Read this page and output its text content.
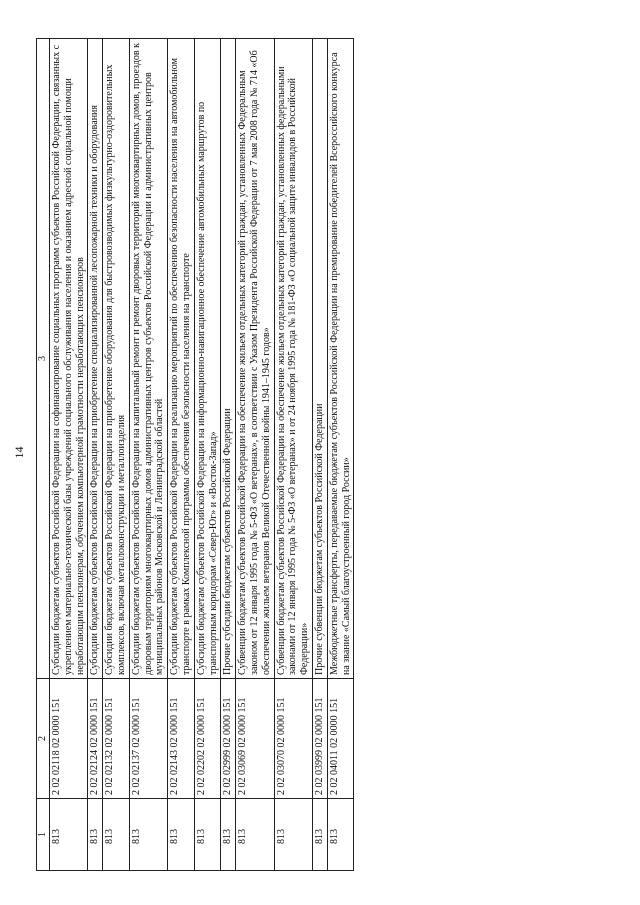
14
1	2	3
813	2 02 02118 02 0000 151	Субсидии бюджетам субъектов Российской Федерации на софинансирование социальных программ субъектов Российской Федерации, связанных с укреплением материально-технической базы учреждений социального обслуживания населения и оказанием адресной социальной помощи неработающим пенсионерам, обучением компьютерной грамотности неработающих пенсионеров
813	2 02 02124 02 0000 151	Субсидии бюджетам субъектов Российской Федерации на приобретение специализированной лесопожарной техники и оборудования
813	2 02 02132 02 0000 151	Субсидии бюджетам субъектов Российской Федерации на приобретение оборудования для быстровозводимых физкультурно-оздоровительных комплексов, включая металлоконструкции и металлоизделия
813	2 02 02137 02 0000 151	Субсидии бюджетам субъектов Российской Федерации на капитальный ремонт и ремонт дворовых территорий многоквартирных домов, проездов к дворовым территориям многоквартирных домов административных центров субъектов Российской Федерации и административных центров муниципальных районов Московской и Ленинградской областей
813	2 02 02143 02 0000 151	Субсидии бюджетам субъектов Российской Федерации на реализацию мероприятий по обеспечению безопасности населения на автомобильном транспорте в рамках Комплексной программы обеспечения безопасности населения на транспорте
813	2 02 02202 02 0000 151	Субсидии бюджетам субъектов Российской Федерации на информационно-навигационное обеспечение автомобильных маршрутов по транспортным коридорам «Север-Юг» и «Восток-Запад»
813	2 02 02999 02 0000 151	Прочие субсидии бюджетам субъектов Российской Федерации
813	2 02 03069 02 0000 151	Субвенции бюджетам субъектов Российской Федерации на обеспечение жильем отдельных категорий граждан, установленных Федеральным законом от 12 января 1995 года № 5-ФЗ «О ветеранах», в соответствии с Указом Президента Российской Федерации от 7 мая 2008 года № 714 «Об обеспечении жильем ветеранов Великой Отечественной войны 1941–1945 годов»
813	2 02 03070 02 0000 151	Субвенции бюджетам субъектов Российской Федерации на обеспечение жильем отдельных категорий граждан, установленных федеральными законами от 12 января 1995 года № 5-ФЗ «О ветеранах» и от 24 ноября 1995 года № 181-ФЗ «О социальной защите инвалидов в Российской Федерации»
813	2 02 03999 02 0000 151	Прочие субвенции бюджетам субъектов Российской Федерации
813	2 02 04011 02 0000 151	Межбюджетные трансферты, передаваемые бюджетам субъектов Российской Федерации на премирование победителей Всероссийского конкурса на звание «Самый благоустроенный город России»
